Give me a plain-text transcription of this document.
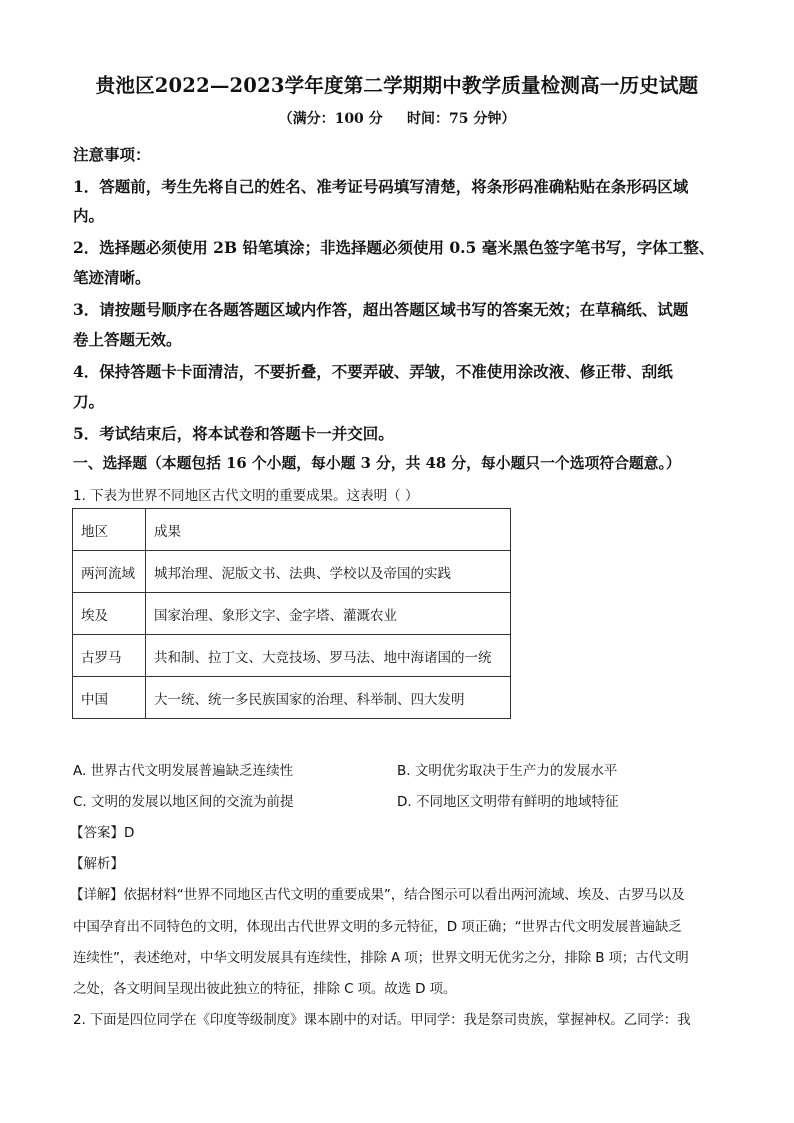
贵池区2022—2023学年度第二学期期中教学质量检测高一历史试题
（满分：100 分     时间：75 分钟）
注意事项：
1．答题前，考生先将自己的姓名、准考证号码填写清楚，将条形码准确粘贴在条形码区域
内。
2．选择题必须使用 2B 铅笔填涂；非选择题必须使用 0.5 毫米黑色签字笔书写，字体工整、
笔迹清晰。
3．请按题号顺序在各题答题区域内作答，超出答题区域书写的答案无效；在草稿纸、试题
卷上答题无效。
4．保持答题卡卡面清洁，不要折叠，不要弄破、弄皱，不准使用涂改液、修正带、刮纸
刀。
5．考试结束后，将本试卷和答题卡一并交回。
一、选择题（本题包括 16 个小题，每小题 3 分，共 48 分，每小题只一个选项符合题意。）
1. 下表为世界不同地区古代文明的重要成果。这表明（ ）
地区	成果
两河流域	城邦治理、泥版文书、法典、学校以及帝国的实践
埃及	国家治理、象形文字、金字塔、灌溉农业
古罗马	共和制、拉丁文、大竞技场、罗马法、地中海诸国的一统
中国	大一统、统一多民族国家的治理、科举制、四大发明
A. 世界古代文明发展普遍缺乏连续性	B. 文明优劣取决于生产力的发展水平
C. 文明的发展以地区间的交流为前提	D. 不同地区文明带有鲜明的地域特征
【答案】D
【解析】
【详解】依据材料“世界不同地区古代文明的重要成果”，结合图示可以看出两河流域、埃及、古罗马以及
中国孕育出不同特色的文明，体现出古代世界文明的多元特征，D 项正确；“世界古代文明发展普遍缺乏
连续性”，表述绝对，中华文明发展具有连续性，排除 A 项；世界文明无优劣之分，排除 B 项；古代文明
之处，各文明间呈现出彼此独立的特征，排除 C 项。故选 D 项。
2. 下面是四位同学在《印度等级制度》课本剧中的对话。甲同学：我是祭司贵族，掌握神权。乙同学：我
